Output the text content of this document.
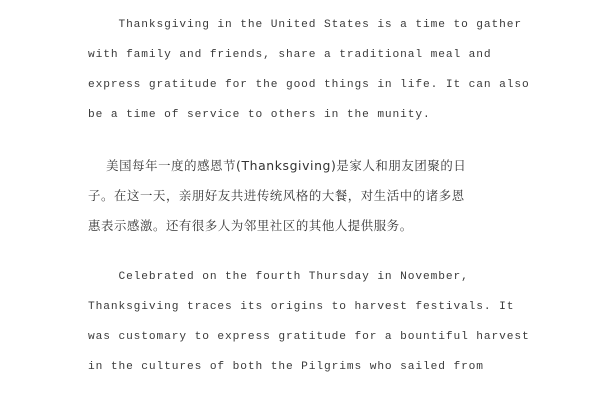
Thanksgiving in the United States is a time to gather
with family and friends, share a traditional meal and
express gratitude for the good things in life. It can also
be a time of service to others in the munity.
美国每年一度的感恩节(Thanksgiving)是家人和朋友团聚的日
子。在这一天，亲朋好友共进传统风格的大餐，对生活中的诸多恩
惠表示感激。还有很多人为邻里社区的其他人提供服务。
Celebrated on the fourth Thursday in November,
Thanksgiving traces its origins to harvest festivals. It
was customary to express gratitude for a bountiful harvest
in the cultures of both the Pilgrims who sailed from
